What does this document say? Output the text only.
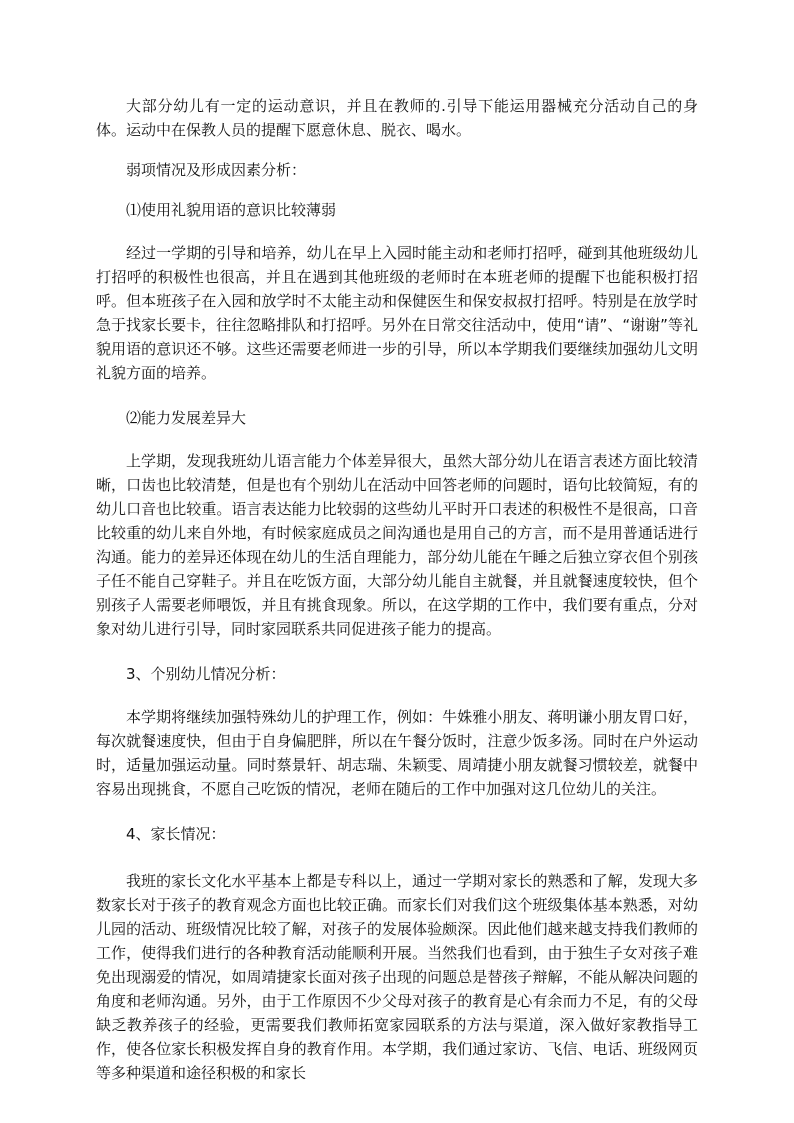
大部分幼儿有一定的运动意识，并且在教师的.引导下能运用器械充分活动自己的身体。运动中在保教人员的提醒下愿意休息、脱衣、喝水。

弱项情况及形成因素分析：

⑴使用礼貌用语的意识比较薄弱

经过一学期的引导和培养，幼儿在早上入园时能主动和老师打招呼，碰到其他班级幼儿打招呼的积极性也很高，并且在遇到其他班级的老师时在本班老师的提醒下也能积极打招呼。但本班孩子在入园和放学时不太能主动和保健医生和保安叔叔打招呼。特别是在放学时急于找家长要卡，往往忽略排队和打招呼。另外在日常交往活动中，使用“请”、“谢谢”等礼貌用语的意识还不够。这些还需要老师进一步的引导，所以本学期我们要继续加强幼儿文明礼貌方面的培养。

⑵能力发展差异大

上学期，发现我班幼儿语言能力个体差异很大，虽然大部分幼儿在语言表述方面比较清晰，口齿也比较清楚，但是也有个别幼儿在活动中回答老师的问题时，语句比较简短，有的幼儿口音也比较重。语言表达能力比较弱的这些幼儿平时开口表述的积极性不是很高，口音比较重的幼儿来自外地，有时候家庭成员之间沟通也是用自己的方言，而不是用普通话进行沟通。能力的差异还体现在幼儿的生活自理能力，部分幼儿能在午睡之后独立穿衣但个别孩子任不能自己穿鞋子。并且在吃饭方面，大部分幼儿能自主就餐，并且就餐速度较快，但个别孩子人需要老师喂饭，并且有挑食现象。所以，在这学期的工作中，我们要有重点，分对象对幼儿进行引导，同时家园联系共同促进孩子能力的提高。

3、个别幼儿情况分析：

本学期将继续加强特殊幼儿的护理工作，例如：牛姝雅小朋友、蒋明谦小朋友胃口好，每次就餐速度快，但由于自身偏肥胖，所以在午餐分饭时，注意少饭多汤。同时在户外运动时，适量加强运动量。同时蔡景轩、胡志瑞、朱颖雯、周靖捷小朋友就餐习惯较差，就餐中容易出现挑食，不愿自己吃饭的情况，老师在随后的工作中加强对这几位幼儿的关注。

4、家长情况：

我班的家长文化水平基本上都是专科以上，通过一学期对家长的熟悉和了解，发现大多数家长对于孩子的教育观念方面也比较正确。而家长们对我们这个班级集体基本熟悉，对幼儿园的活动、班级情况比较了解，对孩子的发展体验颇深。因此他们越来越支持我们教师的工作，使得我们进行的各种教育活动能顺利开展。当然我们也看到，由于独生子女对孩子难免出现溺爱的情况，如周靖捷家长面对孩子出现的问题总是替孩子辩解，不能从解决问题的角度和老师沟通。另外，由于工作原因不少父母对孩子的教育是心有余而力不足，有的父母缺乏教养孩子的经验，更需要我们教师拓宽家园联系的方法与渠道，深入做好家教指导工作，使各位家长积极发挥自身的教育作用。本学期，我们通过家访、飞信、电话、班级网页等多种渠道和途径积极的和家长
